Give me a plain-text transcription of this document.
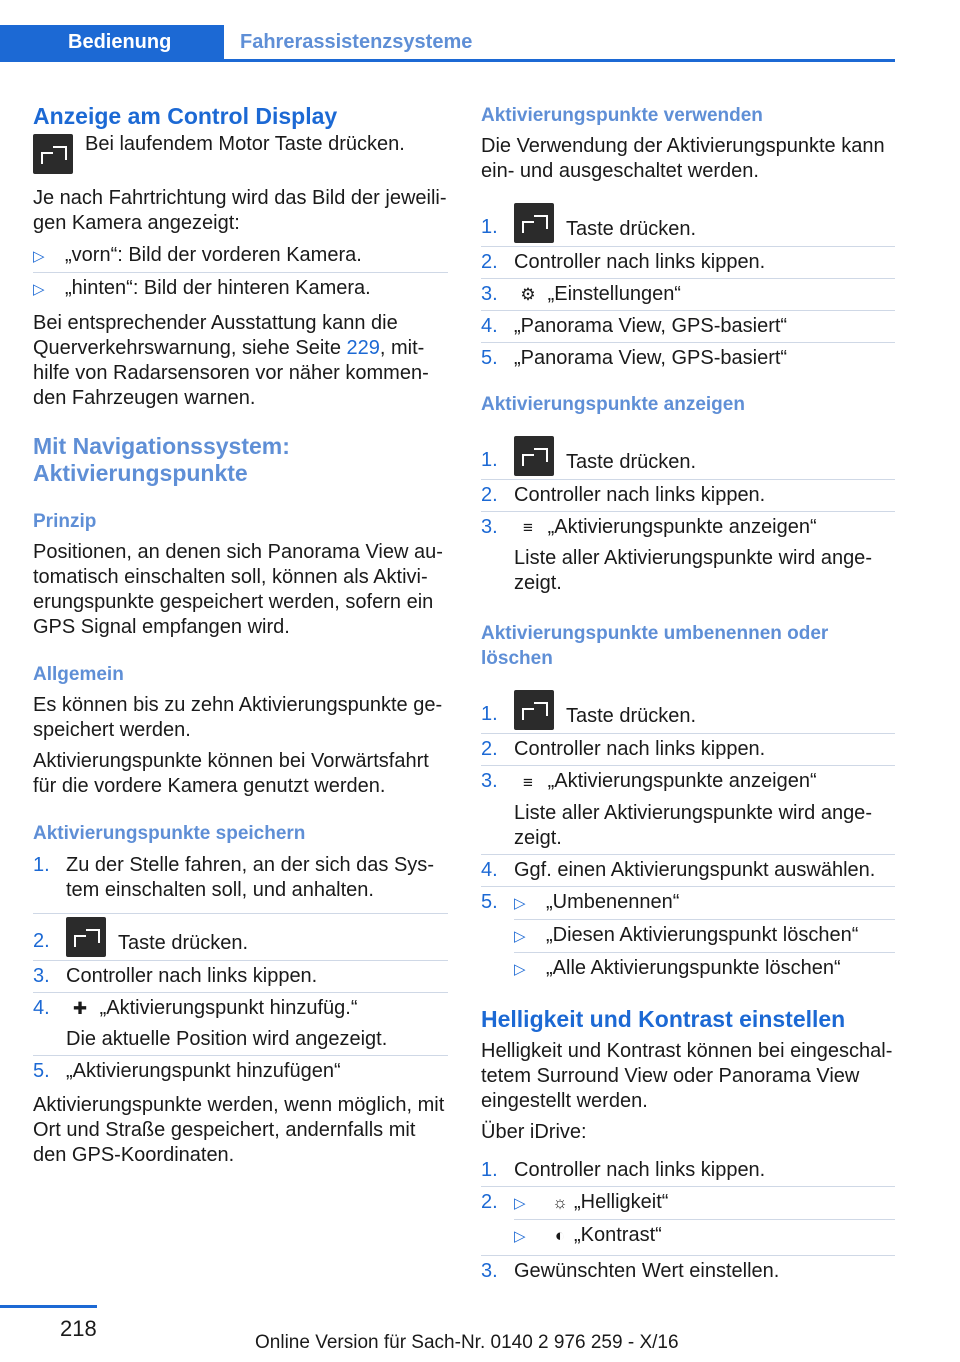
Bedienung	Fahrerassistenzsysteme
Anzeige am Control Display
Bei laufendem Motor Taste drücken.

Je nach Fahrtrichtung wird das Bild der jeweiligen Kamera angezeigt:

▷	„vorn“: Bild der vorderen Kamera.
▷	„hinten“: Bild der hinteren Kamera.

Bei entsprechender Ausstattung kann die Querverkehrswarnung, siehe Seite 229, mithilfe von Radarsensoren vor näher kommenden Fahrzeugen warnen.

Mit Navigationssystem: Aktivierungspunkte
Prinzip

Positionen, an denen sich Panorama View automatisch einschalten soll, können als Aktivierungspunkte gespeichert werden, sofern ein GPS Signal empfangen wird.

Allgemein

Es können bis zu zehn Aktivierungspunkte gespeichert werden.

Aktivierungspunkte können bei Vorwärtsfahrt für die vordere Kamera genutzt werden.

Aktivierungspunkte speichern
1. Zu der Stelle fahren, an der sich das System einschalten soll, und anhalten.
2.	Taste drücken.
3. Controller nach links kippen.
4.	✚ „Aktivierungspunkt hinzufüg.“
Die aktuelle Position wird angezeigt.
5. „Aktivierungspunkt hinzufügen“

Aktivierungspunkte werden, wenn möglich, mit Ort und Straße gespeichert, andernfalls mit den GPS-Koordinaten.

Aktivierungspunkte verwenden

Die Verwendung der Aktivierungspunkte kann ein- und ausgeschaltet werden.

1.	Taste drücken.
2. Controller nach links kippen.
3.	⚙ „Einstellungen“
4. „Panorama View, GPS-basiert“
5. „Panorama View, GPS-basiert“
Aktivierungspunkte anzeigen
1.	Taste drücken.
2. Controller nach links kippen.
3.	≡ „Aktivierungspunkte anzeigen“
Liste aller Aktivierungspunkte wird angezeigt.
Aktivierungspunkte umbenennen oder löschen
1.	Taste drücken.
2. Controller nach links kippen.
3.	≡ „Aktivierungspunkte anzeigen“
Liste aller Aktivierungspunkte wird angezeigt.
4. Ggf. einen Aktivierungspunkt auswählen.
5.	▷	„Umbenennen“
▷	„Diesen Aktivierungspunkt löschen“
▷	„Alle Aktivierungspunkte löschen“
Helligkeit und Kontrast einstellen

Helligkeit und Kontrast können bei eingeschaltetem Surround View oder Panorama View eingestellt werden.

Über iDrive:

1. Controller nach links kippen.
2.	▷	☼ „Helligkeit“
▷	◐ „Kontrast“
3. Gewünschten Wert einstellen.
218
Online Version für Sach-Nr. 0140 2 976 259 - X/16
